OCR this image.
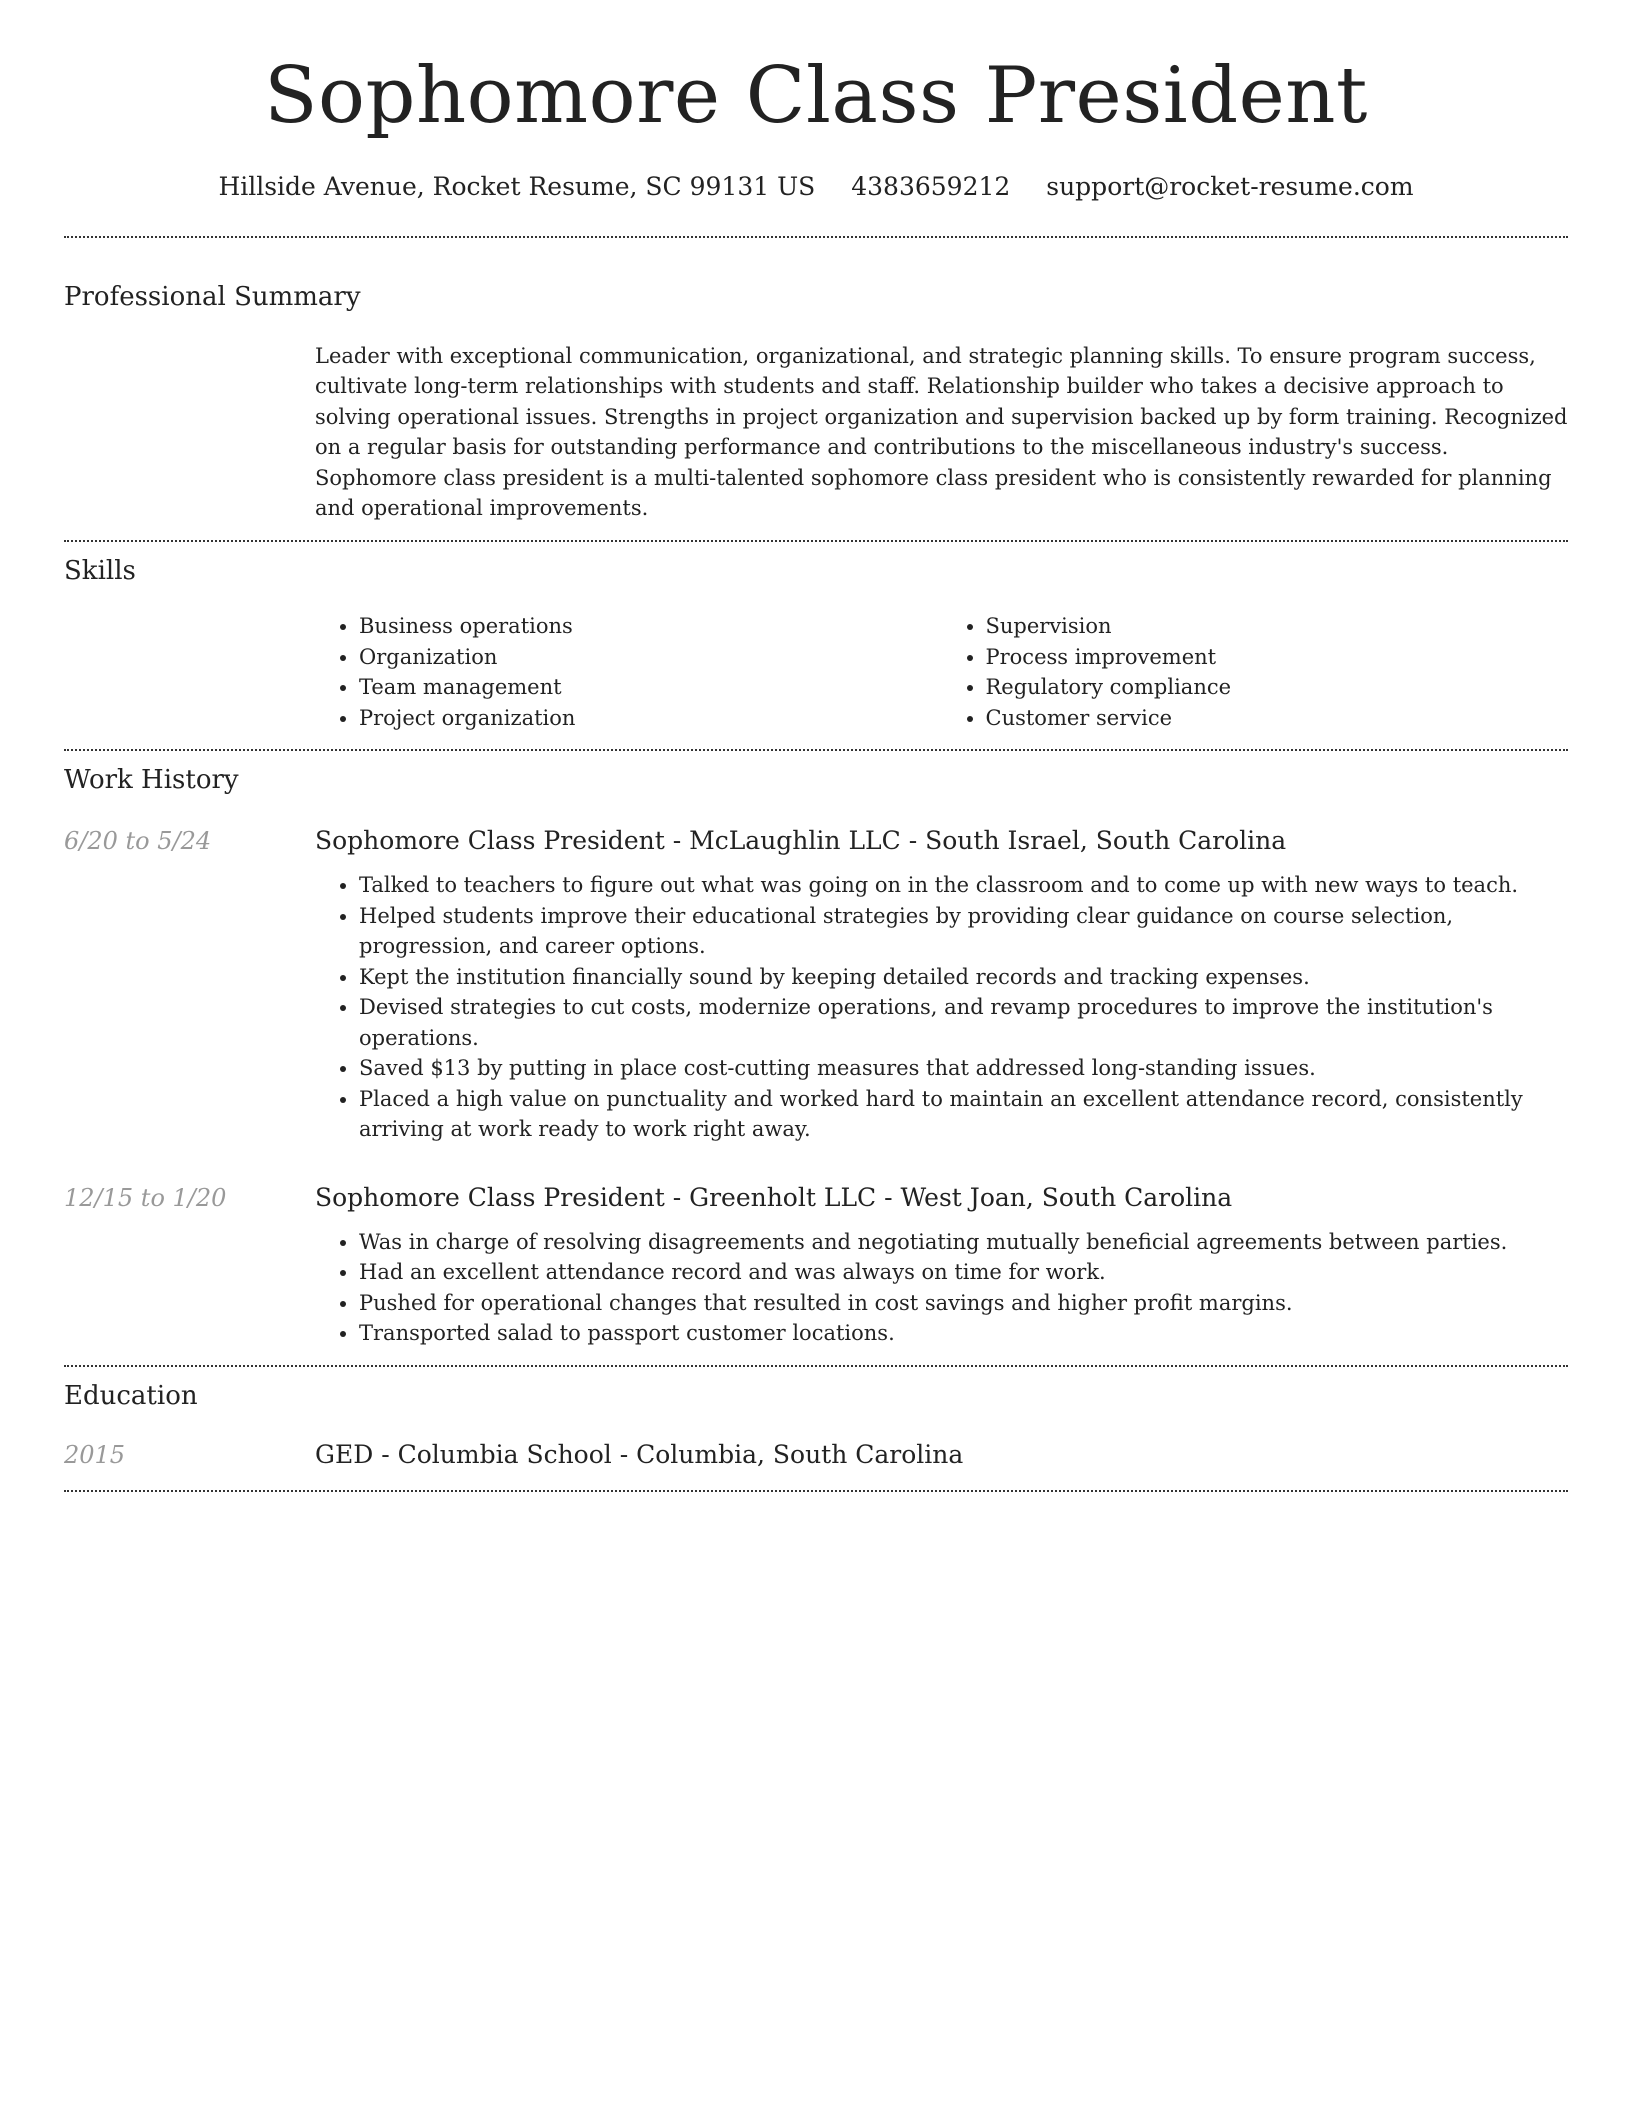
Sophomore Class President
Hillside Avenue, Rocket Resume, SC 99131 US 4383659212 support@rocket-resume.com
Professional Summary

Leader with exceptional communication, organizational, and strategic planning skills. To ensure program success, cultivate long-term relationships with students and staff. Relationship builder who takes a decisive approach to solving operational issues. Strengths in project organization and supervision backed up by form training. Recognized on a regular basis for outstanding performance and contributions to the miscellaneous industry's success. Sophomore class president is a multi-talented sophomore class president who is consistently rewarded for planning and operational improvements.

Skills
• Business operations
• Organization
• Team management
• Project organization
• Supervision
• Process improvement
• Regulatory compliance
• Customer service
Work History
6/20 to 5/24	Sophomore Class President - McLaughlin LLC - South Israel, South Carolina
• Talked to teachers to figure out what was going on in the classroom and to come up with new ways to teach.
• Helped students improve their educational strategies by providing clear guidance on course selection, progression, and career options.
• Kept the institution financially sound by keeping detailed records and tracking expenses.
• Devised strategies to cut costs, modernize operations, and revamp procedures to improve the institution's operations.
• Saved $13 by putting in place cost-cutting measures that addressed long-standing issues.
• Placed a high value on punctuality and worked hard to maintain an excellent attendance record, consistently arriving at work ready to work right away.
12/15 to 1/20	Sophomore Class President - Greenholt LLC - West Joan, South Carolina
• Was in charge of resolving disagreements and negotiating mutually beneficial agreements between parties.
• Had an excellent attendance record and was always on time for work.
• Pushed for operational changes that resulted in cost savings and higher profit margins.
• Transported salad to passport customer locations.
Education
2015	GED - Columbia School - Columbia, South Carolina
